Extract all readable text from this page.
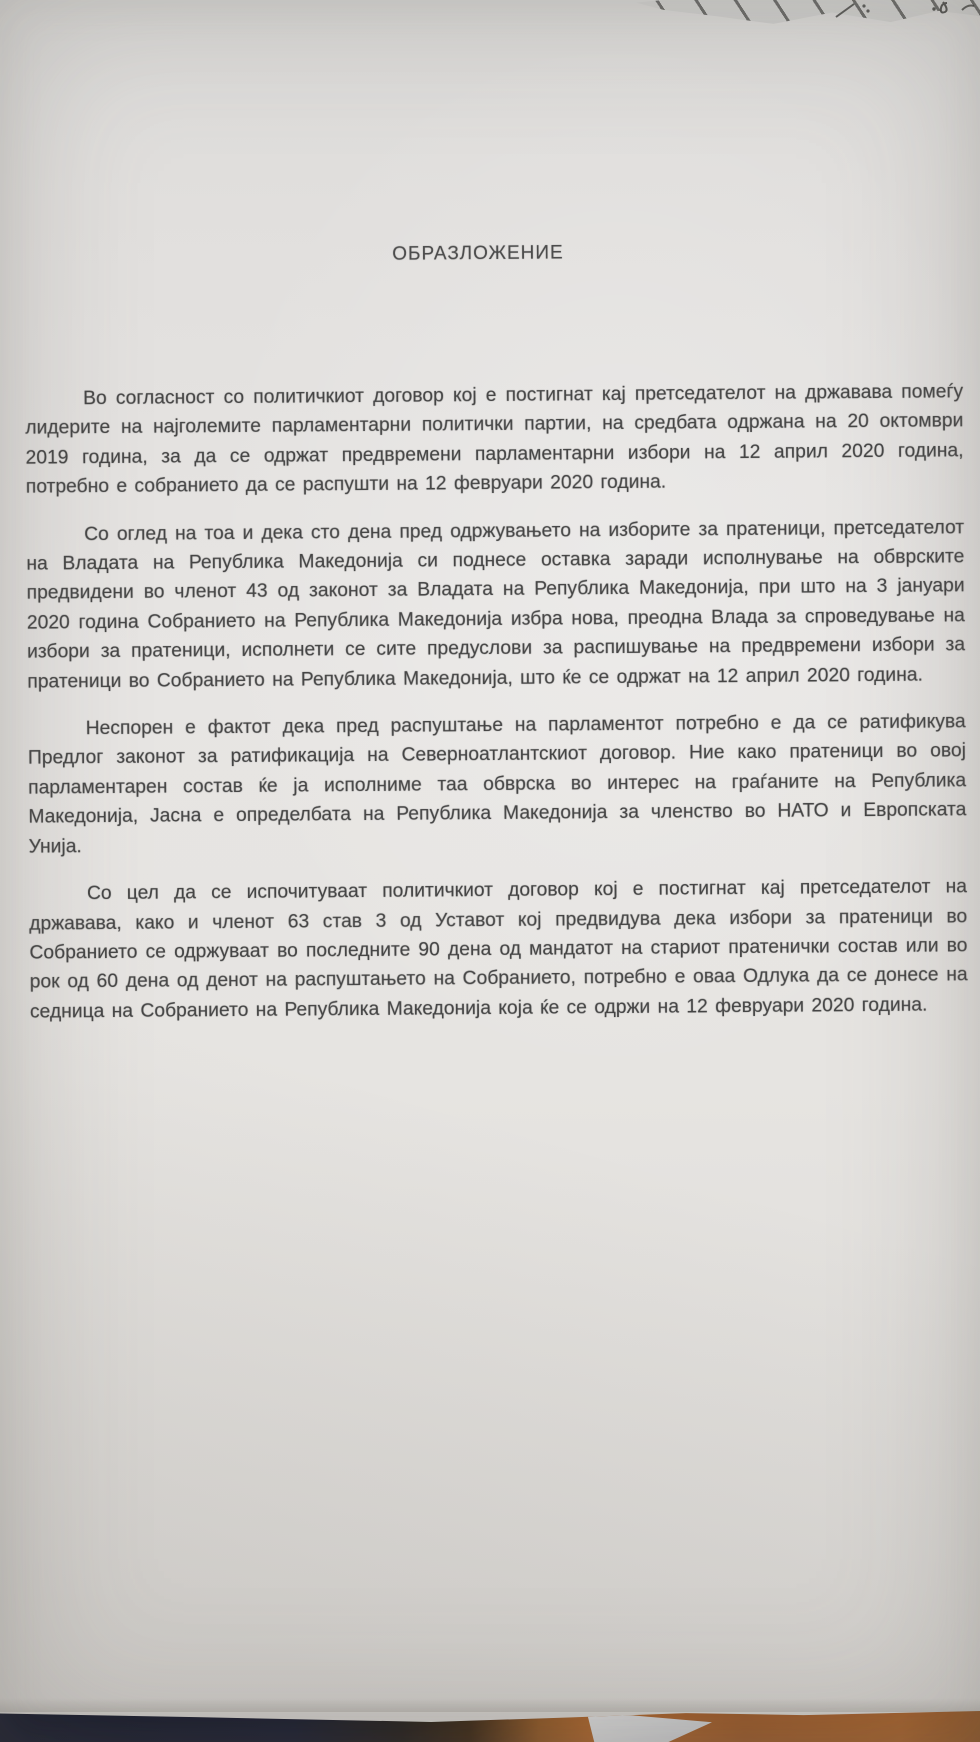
ОБРАЗЛОЖЕНИЕ

Во согласност со политичкиот договор кој е постигнат кај претседателот на државава помеѓу лидерите на најголемите парламентарни политички партии, на средбата одржана на 20 октомври 2019 година, за да се одржат предвремени парламентарни избори на 12 април 2020 година, потребно е собранието да се распушти на 12 февруари 2020 година.

Со оглед на тоа и дека сто дена пред одржувањето на изборите за пратеници, претседателот на Владата на Република Македонија си поднесе оставка заради исполнување на обврските предвидени во членот 43 од законот за Владата на Република Македонија, при што на 3 јануари 2020 година Собранието на Република Македонија избра нова, преодна Влада за спроведување на избори за пратеници, исполнети се сите предуслови за распишување на предвремени избори за пратеници во Собранието на Република Македонија, што ќе се одржат на 12 април 2020 година.

Неспорен е фактот дека пред распуштање на парламентот потребно е да се ратификува Предлог законот за ратификација на Северноатлантскиот договор. Ние како пратеници во овој парламентарен состав ќе ја исполниме таа обврска во интерес на граѓаните на Република Македонија, Јасна е определбата на Република Македонија за членство во НАТО и Европската Унија.

Со цел да се испочитуваат политичкиот договор кој е постигнат кај претседателот на државава, како и членот 63 став 3 од Уставот кој предвидува дека избори за пратеници во Собранието се одржуваат во последните 90 дена од мандатот на стариот пратенички состав или во рок од 60 дена од денот на распуштањето на Собранието, потребно е оваа Одлука да се донесе на седница на Собранието на Република Македонија која ќе се одржи на 12 февруари 2020 година.
